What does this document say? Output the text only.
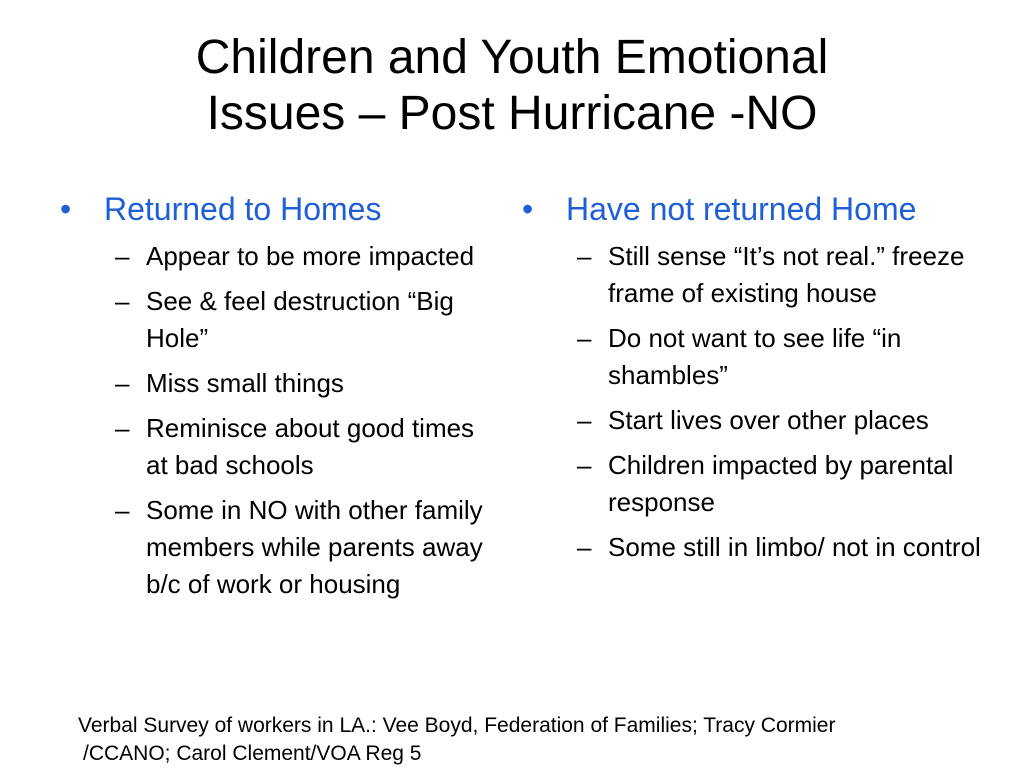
Children and Youth Emotional
Issues – Post Hurricane -NO
•	Returned to Homes
– Appear to be more impacted
– See & feel destruction “Big Hole”
– Miss small things
– Reminisce about good times at bad schools
– Some in NO with other family members while parents away b/c of work or housing
•	Have not returned Home
– Still sense “It’s not real.” freeze frame of existing house
– Do not want to see life “in shambles”
– Start lives over other places
– Children impacted by parental response
– Some still in limbo/ not in control
Verbal Survey of workers in LA.: Vee Boyd, Federation of Families; Tracy Cormier
/CCANO; Carol Clement/VOA Reg 5
